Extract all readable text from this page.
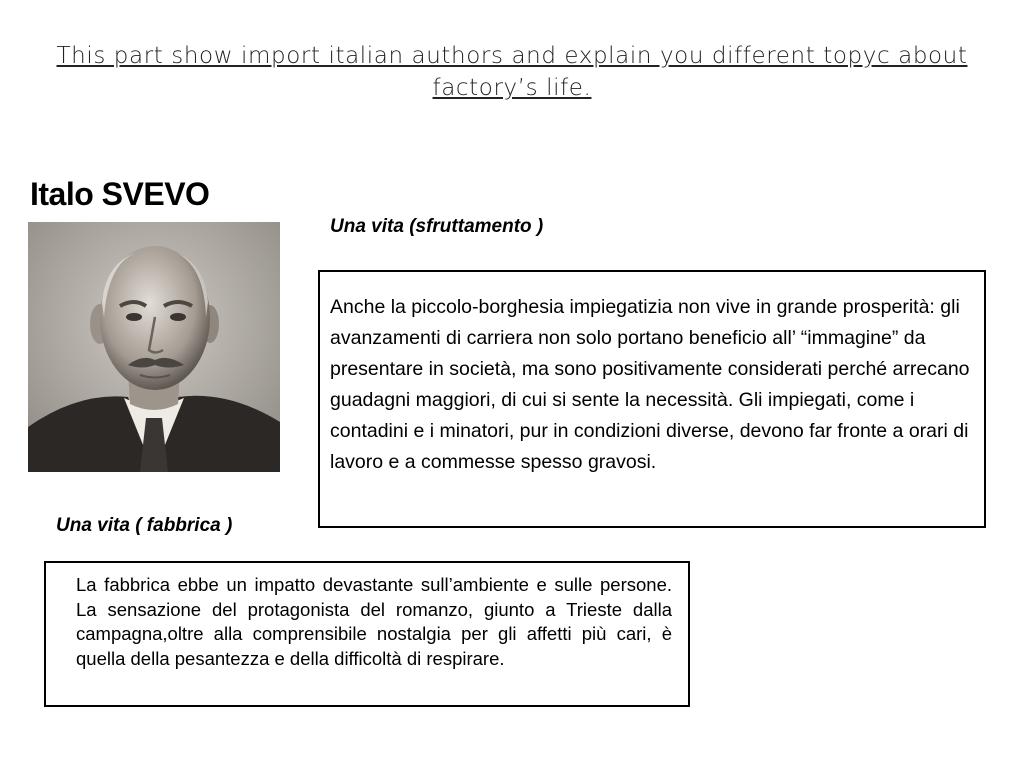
This part show import italian authors and explain you different topyc about factory’s life.
Italo SVEVO
Una vita (sfruttamento )
Anche la piccolo-borghesia impiegatizia non vive in grande prosperità: gli avanzamenti di carriera non solo portano beneficio all’ “immagine” da presentare in società, ma sono positivamente considerati perché arrecano guadagni maggiori, di cui si sente la necessità. Gli impiegati, come i contadini e i minatori, pur in condizioni diverse, devono far fronte a orari di lavoro e a commesse spesso gravosi.
Una vita ( fabbrica )
La fabbrica ebbe un impatto devastante sull’ambiente e sulle persone. La sensazione del protagonista del romanzo, giunto a Trieste dalla campagna,oltre alla comprensibile nostalgia per gli affetti più cari, è quella della pesantezza e della difficoltà di respirare.
